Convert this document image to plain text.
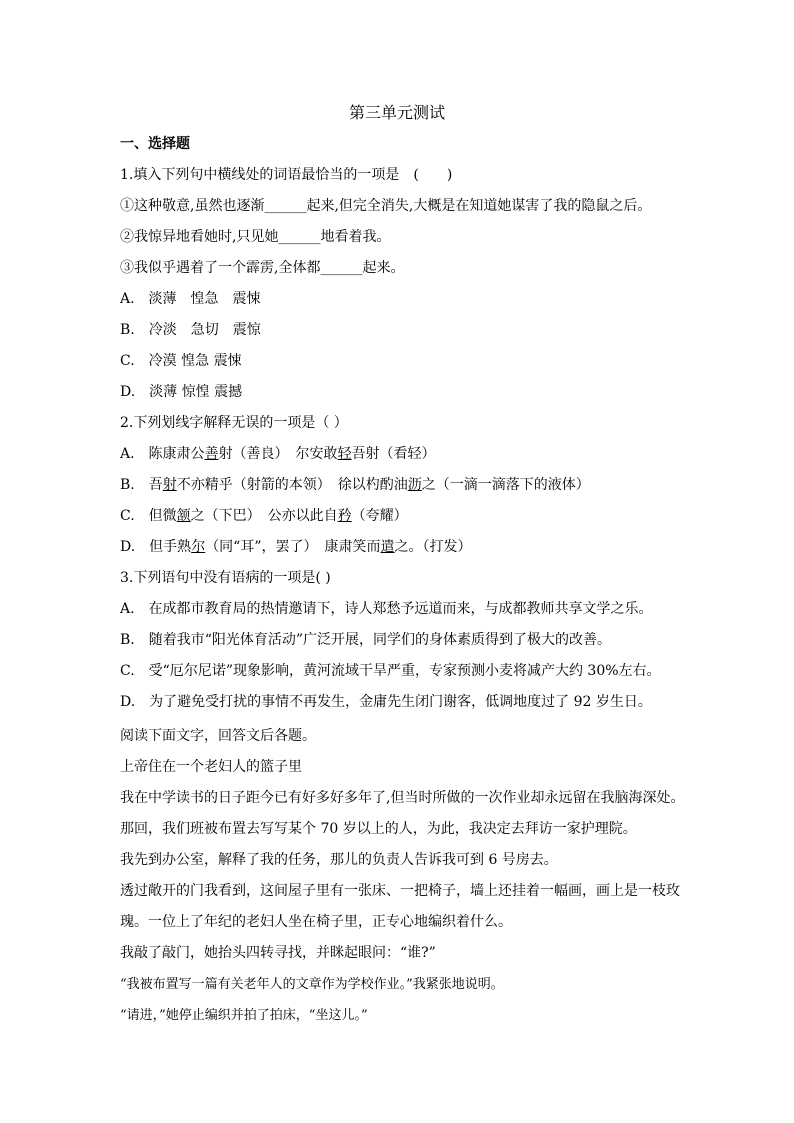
第三单元测试
一、选择题
1.填入下列句中横线处的词语最恰当的一项是　(　　)
①这种敬意,虽然也逐渐______起来,但完全消失,大概是在知道她谋害了我的隐鼠之后。
②我惊异地看她时,只见她______地看着我。
③我似乎遇着了一个霹雳,全体都______起来。
A.　淡薄　惶急　震悚
B.　冷淡　急切　震惊
C.　冷漠 惶急 震悚
D.　淡薄 惊惶 震撼
2.下列划线字解释无误的一项是（ ）
A.　陈康肃公善射（善良）　尔安敢轻吾射（看轻）
B.　吾射不亦精乎（射箭的本领）　徐以杓酌油沥之（一滴一滴落下的液体）
C.　但微颔之（下巴）　公亦以此自矜（夸耀）
D.　但手熟尔（同“耳”，罢了）　康肃笑而遣之。（打发）
3.下列语句中没有语病的一项是( )
A.　在成都市教育局的热情邀请下，诗人郑愁予远道而来，与成都教师共享文学之乐。
B.　随着我市“阳光体育活动”广泛开展，同学们的身体素质得到了极大的改善。
C.　受“厄尔尼诺”现象影响，黄河流域干旱严重，专家预测小麦将减产大约 30%左右。
D.　为了避免受打扰的事情不再发生，金庸先生闭门谢客，低调地度过了 92 岁生日。
阅读下面文字，回答文后各题。
上帝住在一个老妇人的篮子里
我在中学读书的日子距今已有好多好多年了,但当时所做的一次作业却永远留在我脑海深处。
那回，我们班被布置去写写某个 70 岁以上的人，为此，我决定去拜访一家护理院。
我先到办公室，解释了我的任务，那儿的负责人告诉我可到 6 号房去。
透过敞开的门我看到，这间屋子里有一张床、一把椅子，墙上还挂着一幅画，画上是一枝玫
瑰。一位上了年纪的老妇人坐在椅子里，正专心地编织着什么。
我敲了敲门，她抬头四转寻找，并眯起眼问：“谁?”
“我被布置写一篇有关老年人的文章作为学校作业。”我紧张地说明。
“请进，”她停止编织并拍了拍床，“坐这儿。”
